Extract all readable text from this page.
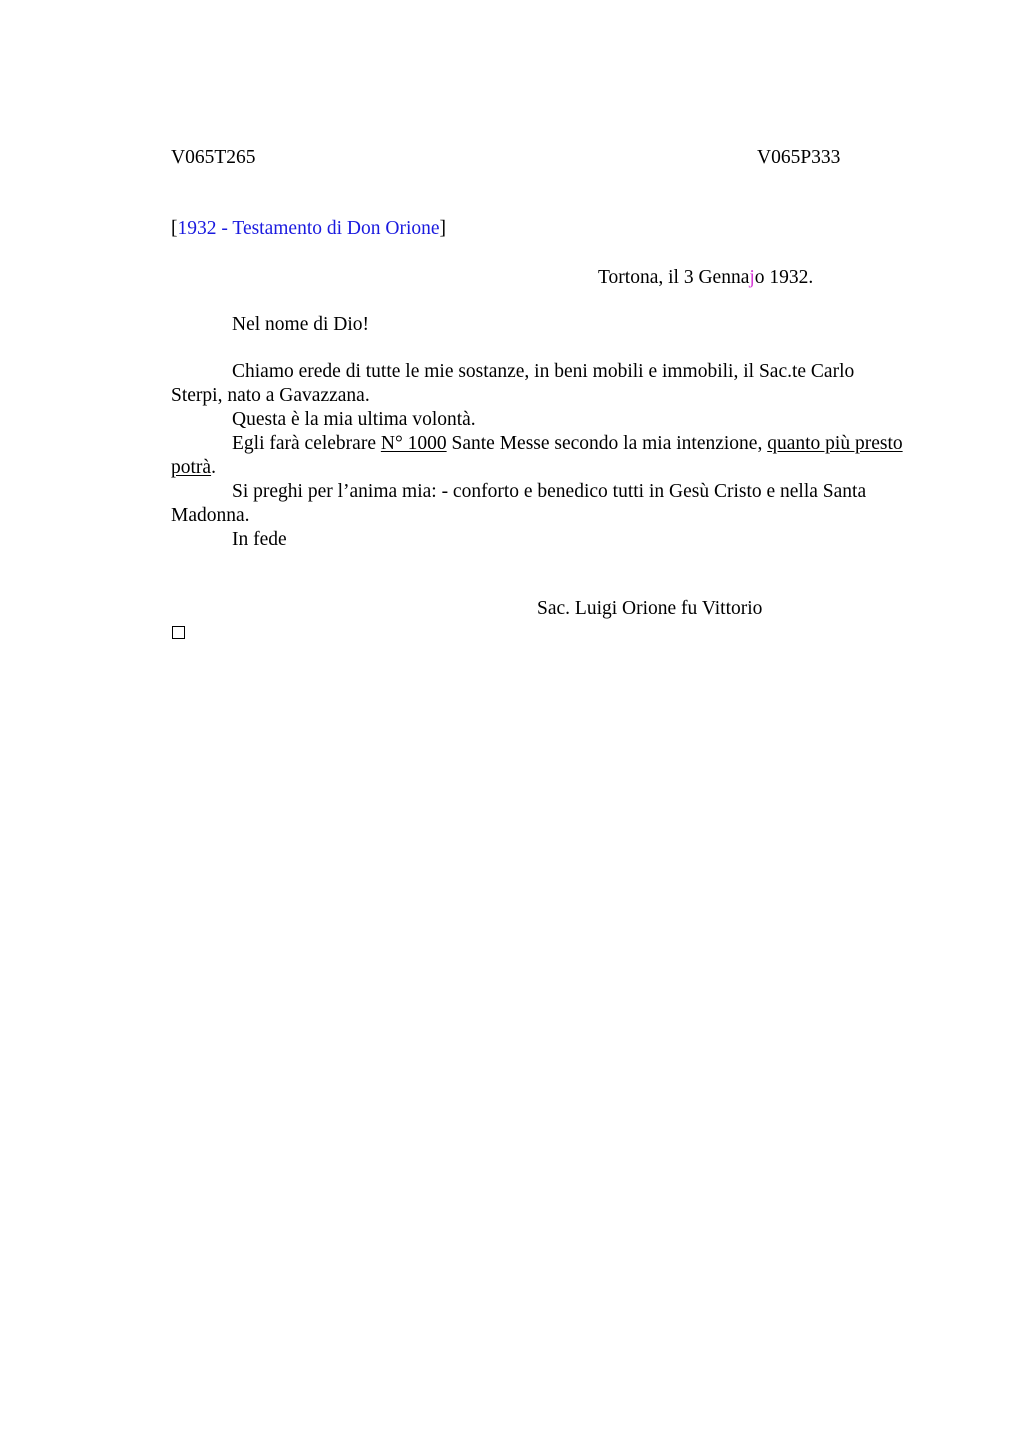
V065T265	V065P333
[1932 - Testamento di Don Orione]
Tortona, il 3 Gennajo 1932.

Nel nome di Dio!

Chiamo erede di tutte le mie sostanze, in beni mobili e immobili, il Sac.te Carlo Sterpi, nato a Gavazzana.

Questa è la mia ultima volontà.

Egli farà celebrare N° 1000 Sante Messe secondo la mia intenzione, quanto più presto potrà.

Si preghi per l’anima mia: - conforto e benedico tutti in Gesù Cristo e nella Santa Madonna.

In fede

Sac. Luigi Orione fu Vittorio
